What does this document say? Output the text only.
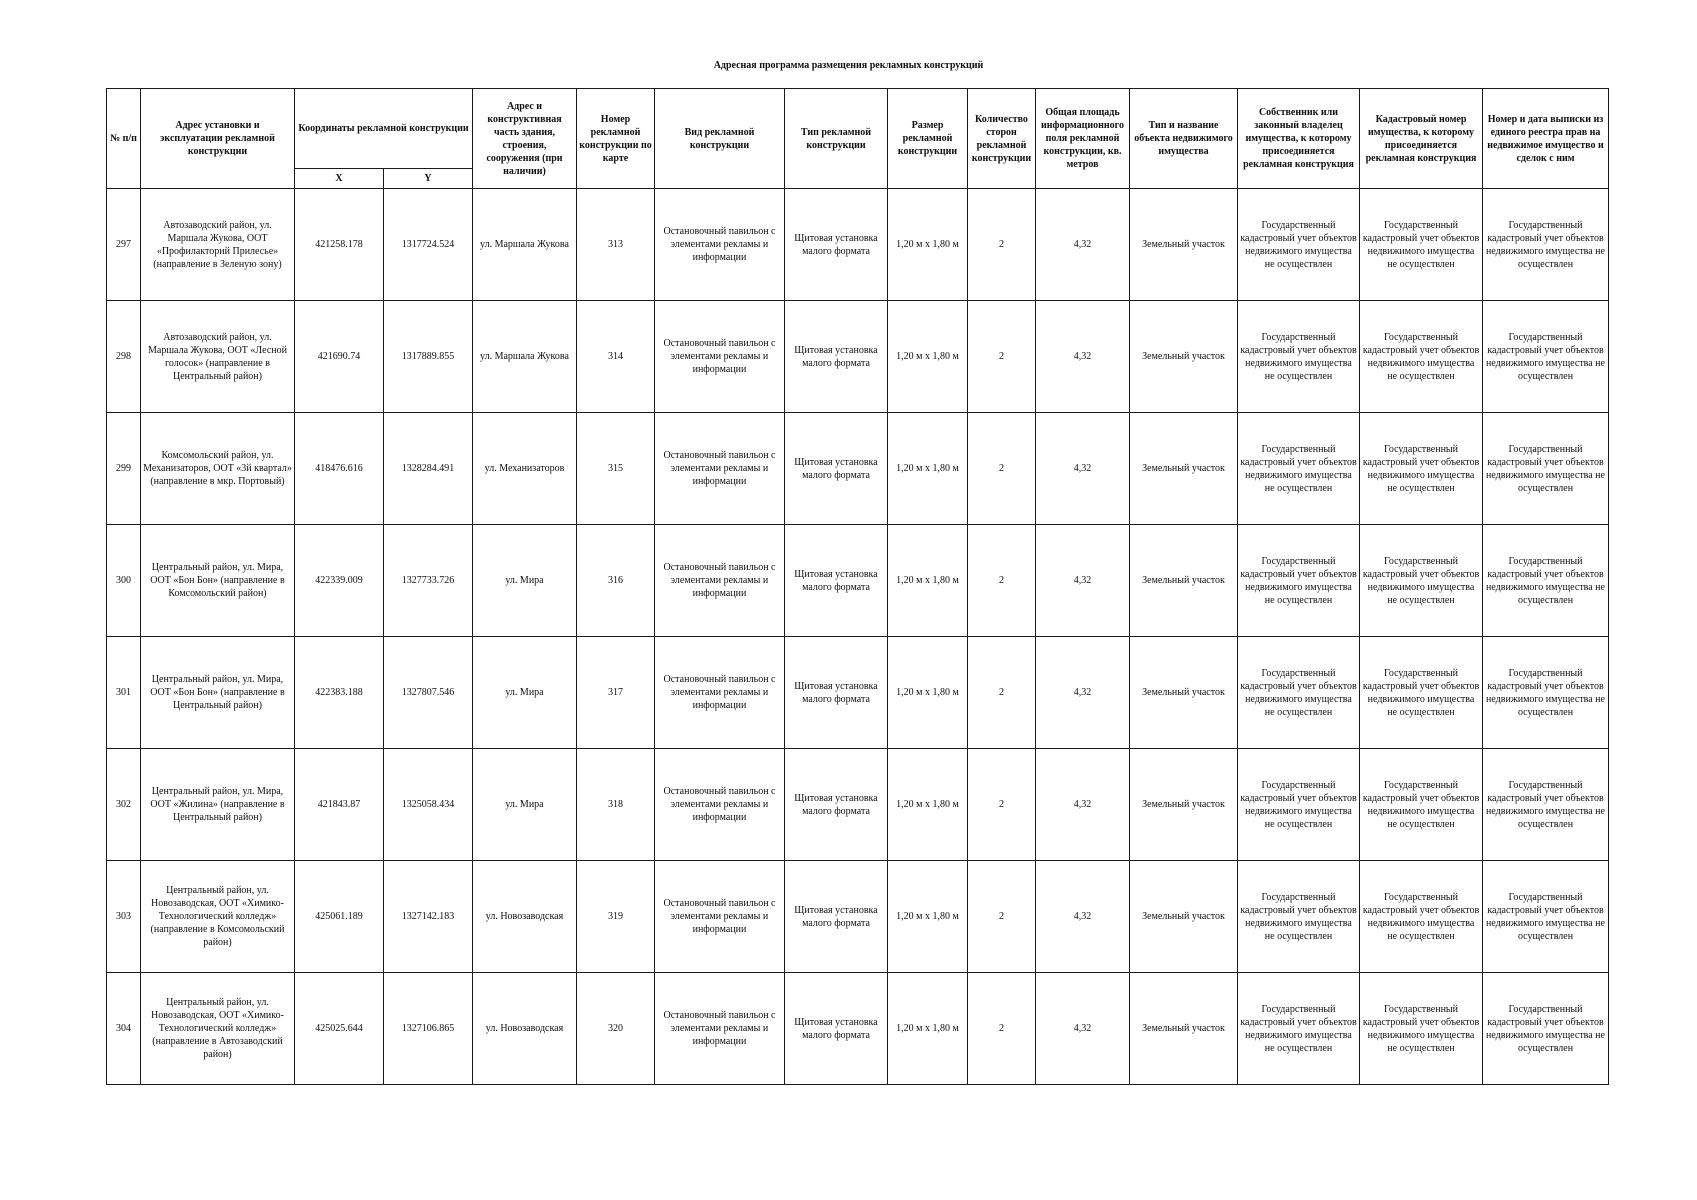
Адресная программа размещения рекламных конструкций
№ п/п	Адрес установки и эксплуатации рекламной конструкции	Координаты рекламной конструкции		Адрес и конструктивная часть здания, строения, сооружения (при наличии)	Номер рекламной конструкции по карте	Вид рекламной конструкции	Тип рекламной конструкции	Размер рекламной конструкции	Количество сторон рекламной конструкции	Общая площадь информационного поля рекламной конструкции, кв. метров	Тип и название объекта недвижимого имущества	Собственник или законный владелец имущества, к которому присоединяется рекламная конструкция	Кадастровый номер имущества, к которому присоединяется рекламная конструкция	Номер и дата выписки из единого реестра прав на недвижимое имущество и сделок с ним
		X	Y											
297	Автозаводский район, ул. Маршала Жукова, ООТ «Профилакторий Прилесье» (направление в Зеленую зону)	421258.178	1317724.524	ул. Маршала Жукова	313	Остановочный павильон с элементами рекламы и информации	Щитовая установка малого формата	1,20 м х 1,80 м	2	4,32	Земельный участок	Государственный кадастровый учет объектов недвижимого имущества не осуществлен	Государственный кадастровый учет объектов недвижимого имущества не осуществлен	Государственный кадастровый учет объектов недвижимого имущества не осуществлен
298	Автозаводский район, ул. Маршала Жукова, ООТ «Лесной голосок» (направление в Центральный район)	421690.74	1317889.855	ул. Маршала Жукова	314	Остановочный павильон с элементами рекламы и информации	Щитовая установка малого формата	1,20 м х 1,80 м	2	4,32	Земельный участок	Государственный кадастровый учет объектов недвижимого имущества не осуществлен	Государственный кадастровый учет объектов недвижимого имущества не осуществлен	Государственный кадастровый учет объектов недвижимого имущества не осуществлен
299	Комсомольский район, ул. Механизаторов, ООТ «3й квартал» (направление в мкр. Портовый)	418476.616	1328284.491	ул. Механизаторов	315	Остановочный павильон с элементами рекламы и информации	Щитовая установка малого формата	1,20 м х 1,80 м	2	4,32	Земельный участок	Государственный кадастровый учет объектов недвижимого имущества не осуществлен	Государственный кадастровый учет объектов недвижимого имущества не осуществлен	Государственный кадастровый учет объектов недвижимого имущества не осуществлен
300	Центральный район, ул. Мира, ООТ «Бон Бон» (направление в Комсомольский район)	422339.009	1327733.726	ул. Мира	316	Остановочный павильон с элементами рекламы и информации	Щитовая установка малого формата	1,20 м х 1,80 м	2	4,32	Земельный участок	Государственный кадастровый учет объектов недвижимого имущества не осуществлен	Государственный кадастровый учет объектов недвижимого имущества не осуществлен	Государственный кадастровый учет объектов недвижимого имущества не осуществлен
301	Центральный район, ул. Мира, ООТ «Бон Бон» (направление в Центральный район)	422383.188	1327807.546	ул. Мира	317	Остановочный павильон с элементами рекламы и информации	Щитовая установка малого формата	1,20 м х 1,80 м	2	4,32	Земельный участок	Государственный кадастровый учет объектов недвижимого имущества не осуществлен	Государственный кадастровый учет объектов недвижимого имущества не осуществлен	Государственный кадастровый учет объектов недвижимого имущества не осуществлен
302	Центральный район, ул. Мира, ООТ «Жилина» (направление в Центральный район)	421843.87	1325058.434	ул. Мира	318	Остановочный павильон с элементами рекламы и информации	Щитовая установка малого формата	1,20 м х 1,80 м	2	4,32	Земельный участок	Государственный кадастровый учет объектов недвижимого имущества не осуществлен	Государственный кадастровый учет объектов недвижимого имущества не осуществлен	Государственный кадастровый учет объектов недвижимого имущества не осуществлен
303	Центральный район, ул. Новозаводская, ООТ «Химико-Технологический колледж» (направление в Комсомольский район)	425061.189	1327142.183	ул. Новозаводская	319	Остановочный павильон с элементами рекламы и информации	Щитовая установка малого формата	1,20 м х 1,80 м	2	4,32	Земельный участок	Государственный кадастровый учет объектов недвижимого имущества не осуществлен	Государственный кадастровый учет объектов недвижимого имущества не осуществлен	Государственный кадастровый учет объектов недвижимого имущества не осуществлен
304	Центральный район, ул. Новозаводская, ООТ «Химико-Технологический колледж» (направление в Автозаводский район)	425025.644	1327106.865	ул. Новозаводская	320	Остановочный павильон с элементами рекламы и информации	Щитовая установка малого формата	1,20 м х 1,80 м	2	4,32	Земельный участок	Государственный кадастровый учет объектов недвижимого имущества не осуществлен	Государственный кадастровый учет объектов недвижимого имущества не осуществлен	Государственный кадастровый учет объектов недвижимого имущества не осуществлен
